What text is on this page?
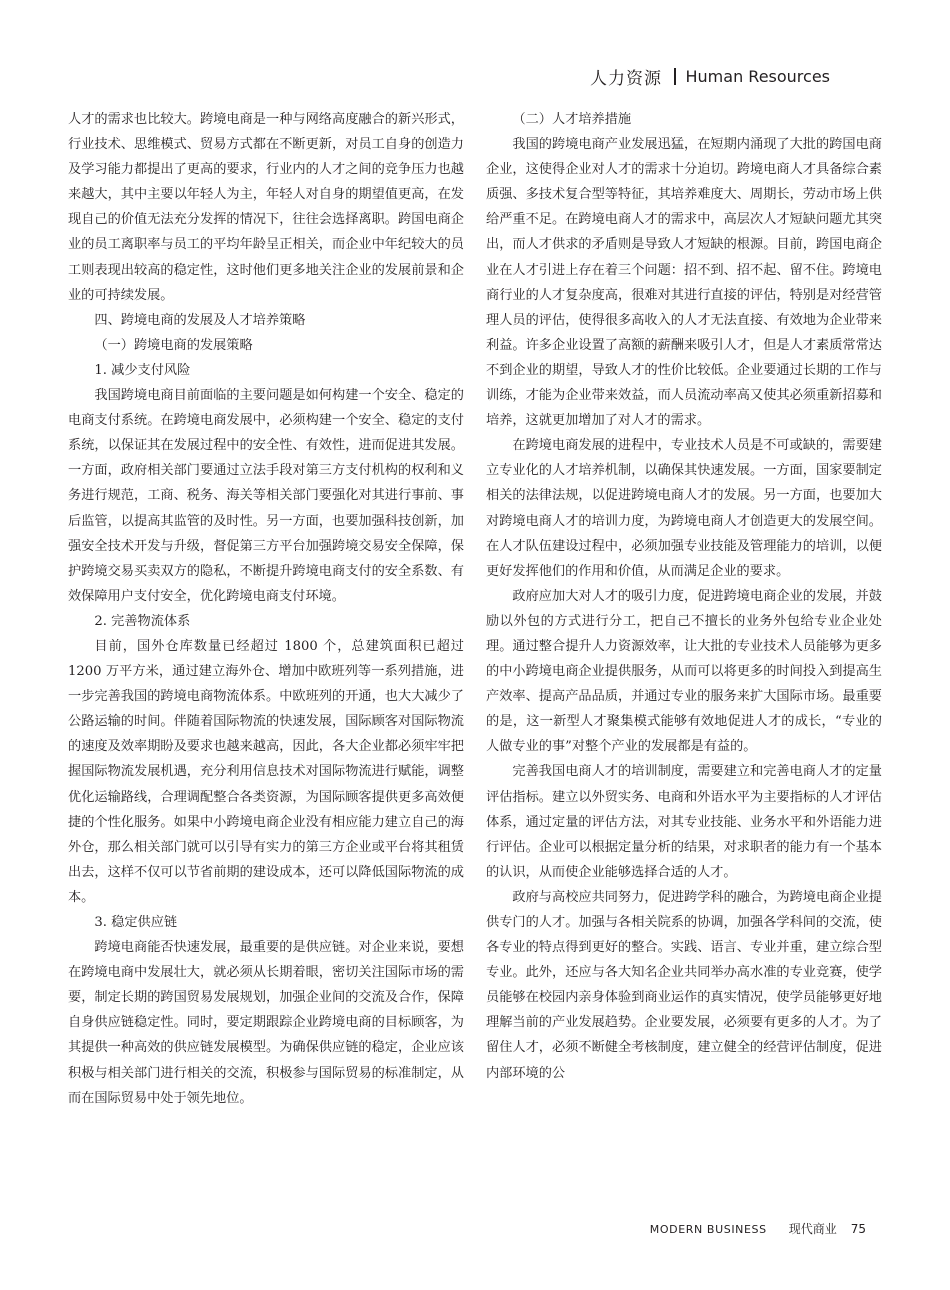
人力资源 Human Resources

人才的需求也比较大。跨境电商是一种与网络高度融合的新兴形式，行业技术、思维模式、贸易方式都在不断更新，对员工自身的创造力及学习能力都提出了更高的要求，行业内的人才之间的竞争压力也越来越大，其中主要以年轻人为主，年轻人对自身的期望值更高，在发现自己的价值无法充分发挥的情况下，往往会选择离职。跨国电商企业的员工离职率与员工的平均年龄呈正相关，而企业中年纪较大的员工则表现出较高的稳定性，这时他们更多地关注企业的发展前景和企业的可持续发展。

四、跨境电商的发展及人才培养策略
（一）跨境电商的发展策略
1. 减少支付风险

我国跨境电商目前面临的主要问题是如何构建一个安全、稳定的电商支付系统。在跨境电商发展中，必须构建一个安全、稳定的支付系统，以保证其在发展过程中的安全性、有效性，进而促进其发展。一方面，政府相关部门要通过立法手段对第三方支付机构的权利和义务进行规范，工商、税务、海关等相关部门要强化对其进行事前、事后监管，以提高其监管的及时性。另一方面，也要加强科技创新，加强安全技术开发与升级，督促第三方平台加强跨境交易安全保障，保护跨境交易买卖双方的隐私，不断提升跨境电商支付的安全系数、有效保障用户支付安全，优化跨境电商支付环境。

2. 完善物流体系

目前，国外仓库数量已经超过 1800 个，总建筑面积已超过 1200 万平方米，通过建立海外仓、增加中欧班列等一系列措施，进一步完善我国的跨境电商物流体系。中欧班列的开通，也大大减少了公路运输的时间。伴随着国际物流的快速发展，国际顾客对国际物流的速度及效率期盼及要求也越来越高，因此，各大企业都必须牢牢把握国际物流发展机遇，充分利用信息技术对国际物流进行赋能，调整优化运输路线，合理调配整合各类资源，为国际顾客提供更多高效便捷的个性化服务。如果中小跨境电商企业没有相应能力建立自己的海外仓，那么相关部门就可以引导有实力的第三方企业或平台将其租赁出去，这样不仅可以节省前期的建设成本，还可以降低国际物流的成本。

3. 稳定供应链

跨境电商能否快速发展，最重要的是供应链。对企业来说，要想在跨境电商中发展壮大，就必须从长期着眼，密切关注国际市场的需要，制定长期的跨国贸易发展规划，加强企业间的交流及合作，保障自身供应链稳定性。同时，要定期跟踪企业跨境电商的目标顾客，为其提供一种高效的供应链发展模型。为确保供应链的稳定，企业应该积极与相关部门进行相关的交流，积极参与国际贸易的标准制定，从而在国际贸易中处于领先地位。

（二）人才培养措施

我国的跨境电商产业发展迅猛，在短期内涌现了大批的跨国电商企业，这使得企业对人才的需求十分迫切。跨境电商人才具备综合素质强、多技术复合型等特征，其培养难度大、周期长，劳动市场上供给严重不足。在跨境电商人才的需求中，高层次人才短缺问题尤其突出，而人才供求的矛盾则是导致人才短缺的根源。目前，跨国电商企业在人才引进上存在着三个问题：招不到、招不起、留不住。跨境电商行业的人才复杂度高，很难对其进行直接的评估，特别是对经营管理人员的评估，使得很多高收入的人才无法直接、有效地为企业带来利益。许多企业设置了高额的薪酬来吸引人才，但是人才素质常常达不到企业的期望，导致人才的性价比较低。企业要通过长期的工作与训练，才能为企业带来效益，而人员流动率高又使其必须重新招募和培养，这就更加增加了对人才的需求。

在跨境电商发展的进程中，专业技术人员是不可或缺的，需要建立专业化的人才培养机制，以确保其快速发展。一方面，国家要制定相关的法律法规，以促进跨境电商人才的发展。另一方面，也要加大对跨境电商人才的培训力度，为跨境电商人才创造更大的发展空间。在人才队伍建设过程中，必须加强专业技能及管理能力的培训，以便更好发挥他们的作用和价值，从而满足企业的要求。

政府应加大对人才的吸引力度，促进跨境电商企业的发展，并鼓励以外包的方式进行分工，把自己不擅长的业务外包给专业企业处理。通过整合提升人力资源效率，让大批的专业技术人员能够为更多的中小跨境电商企业提供服务，从而可以将更多的时间投入到提高生产效率、提高产品品质，并通过专业的服务来扩大国际市场。最重要的是，这一新型人才聚集模式能够有效地促进人才的成长，“专业的人做专业的事”对整个产业的发展都是有益的。

完善我国电商人才的培训制度，需要建立和完善电商人才的定量评估指标。建立以外贸实务、电商和外语水平为主要指标的人才评估体系，通过定量的评估方法，对其专业技能、业务水平和外语能力进行评估。企业可以根据定量分析的结果，对求职者的能力有一个基本的认识，从而使企业能够选择合适的人才。

政府与高校应共同努力，促进跨学科的融合，为跨境电商企业提供专门的人才。加强与各相关院系的协调，加强各学科间的交流，使各专业的特点得到更好的整合。实践、语言、专业并重，建立综合型专业。此外，还应与各大知名企业共同举办高水准的专业竞赛，使学员能够在校园内亲身体验到商业运作的真实情况，使学员能够更好地理解当前的产业发展趋势。企业要发展，必须要有更多的人才。为了留住人才，必须不断健全考核制度，建立健全的经营评估制度，促进内部环境的公

MODERN BUSINESS 现代商业 75
